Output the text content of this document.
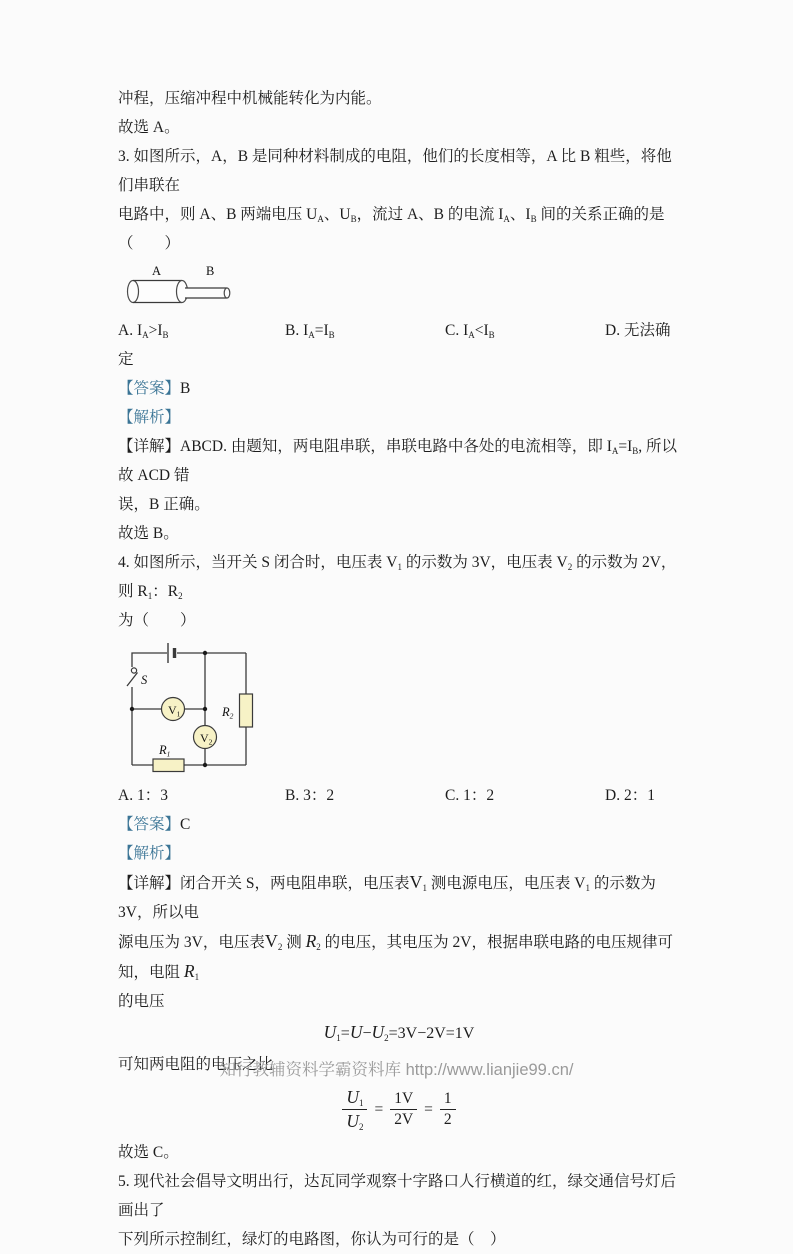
冲程，压缩冲程中机械能转化为内能。

故选 A。

3. 如图所示，A，B 是同种材料制成的电阻，他们的长度相等，A 比 B 粗些，将他们串联在

电路中，则 A、B 两端电压 $U_A$、$U_B$，流过 A、B 的电流 $I_A$、$I_B$ 间的关系正确的是（　　）

A	B
A. $I_A>I_B$	B. $I_A=I_B$	C. $I_A<I_B$	D. 无法确

定

【答案】B

【解析】

【详解】ABCD. 由题知，两电阻串联，串联电路中各处的电流相等，即 $I_A=I_B$, 所以故 ACD 错

误，B 正确。

故选 B。

4. 如图所示，当开关 S 闭合时，电压表 $V_1$ 的示数为 3V，电压表 $V_2$ 的示数为 2V，则 $R_1$：$R_2$

为（　　）

S
$V_1$
$V_2$
$R_2$
$R_1$
A. 1：3	B. 3：2	C. 1：2	D. 2：1

【答案】C

【解析】

【详解】闭合开关 S，两电阻串联，电压表$V_1$ 测电源电压，电压表 $V_1$ 的示数为 3V，所以电

源电压为 3V，电压表$V_2$ 测 $R_2$ 的电压，其电压为 2V，根据串联电路的电压规律可知，电阻 $R_1$

的电压

$U_1=U-U_2=3V-2V=1V$

可知两电阻的电压之比

$\frac{U_1}{U_2} = \frac{1V}{2V} = \frac{1}{2}$

故选 C。

5. 现代社会倡导文明出行，达瓦同学观察十字路口人行横道的红，绿交通信号灯后画出了

下列所示控制红，绿灯的电路图，你认为可行的是（　）

知行教辅资料学霸资料库 http://www.lianjie99.cn/
